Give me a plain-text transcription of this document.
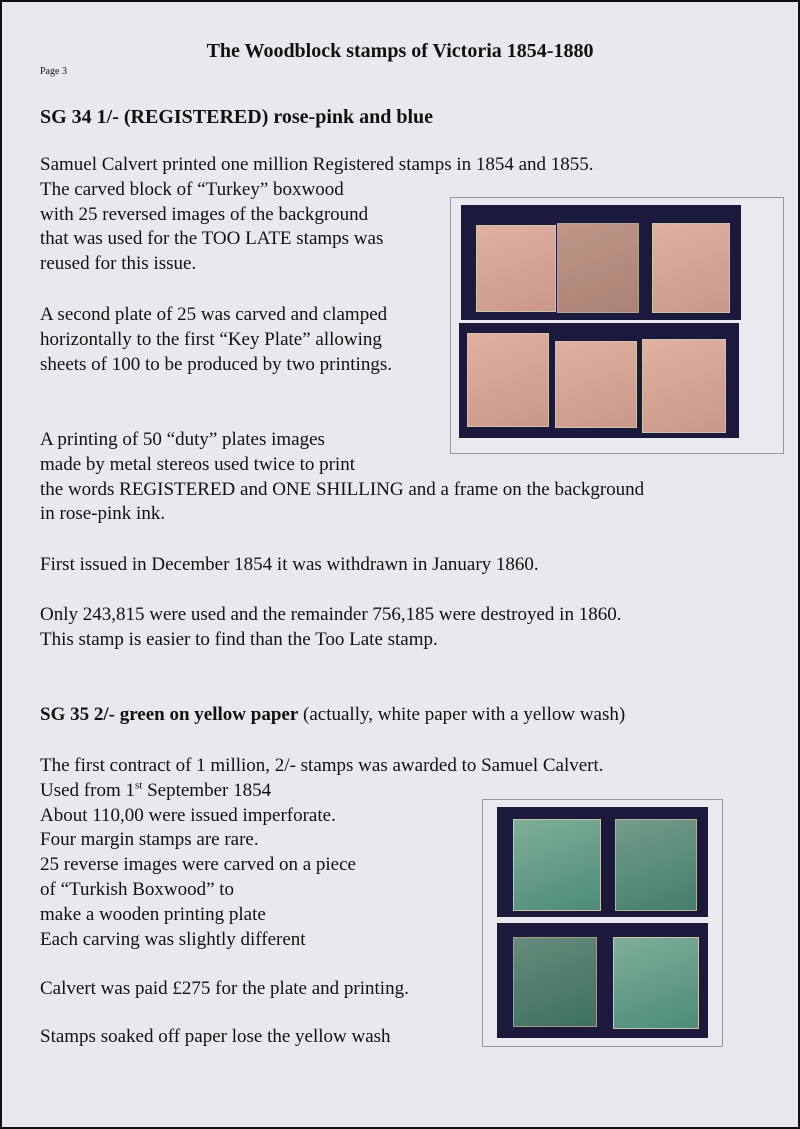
The Woodblock stamps of Victoria 1854-1880
Page 3
SG 34 1/- (REGISTERED) rose-pink and blue
Samuel Calvert printed one million Registered stamps in 1854 and 1855.
The carved block of “Turkey” boxwood
with 25 reversed images of the background
that was used for the TOO LATE stamps was
reused for this issue.
A second plate of 25 was carved and clamped
horizontally to the first “Key Plate” allowing
sheets of 100 to be produced by two printings.
A printing of 50 “duty” plates images
made by metal stereos used twice to print
the words REGISTERED and ONE SHILLING and a frame on the background
in rose-pink ink.
First issued in December 1854 it was withdrawn in January 1860.
Only 243,815 were used and the remainder 756,185 were destroyed in 1860.
This stamp is easier to find than the Too Late stamp.
SG 35 2/- green on yellow paper (actually, white paper with a yellow wash)
The first contract of 1 million, 2/- stamps was awarded to Samuel Calvert.
Used from 1st September 1854
About 110,00 were issued imperforate.
Four margin stamps are rare.
25 reverse images were carved on a piece
of “Turkish Boxwood” to
make a wooden printing plate
Each carving was slightly different
Calvert was paid £275 for the plate and printing.
Stamps soaked off paper lose the yellow wash
